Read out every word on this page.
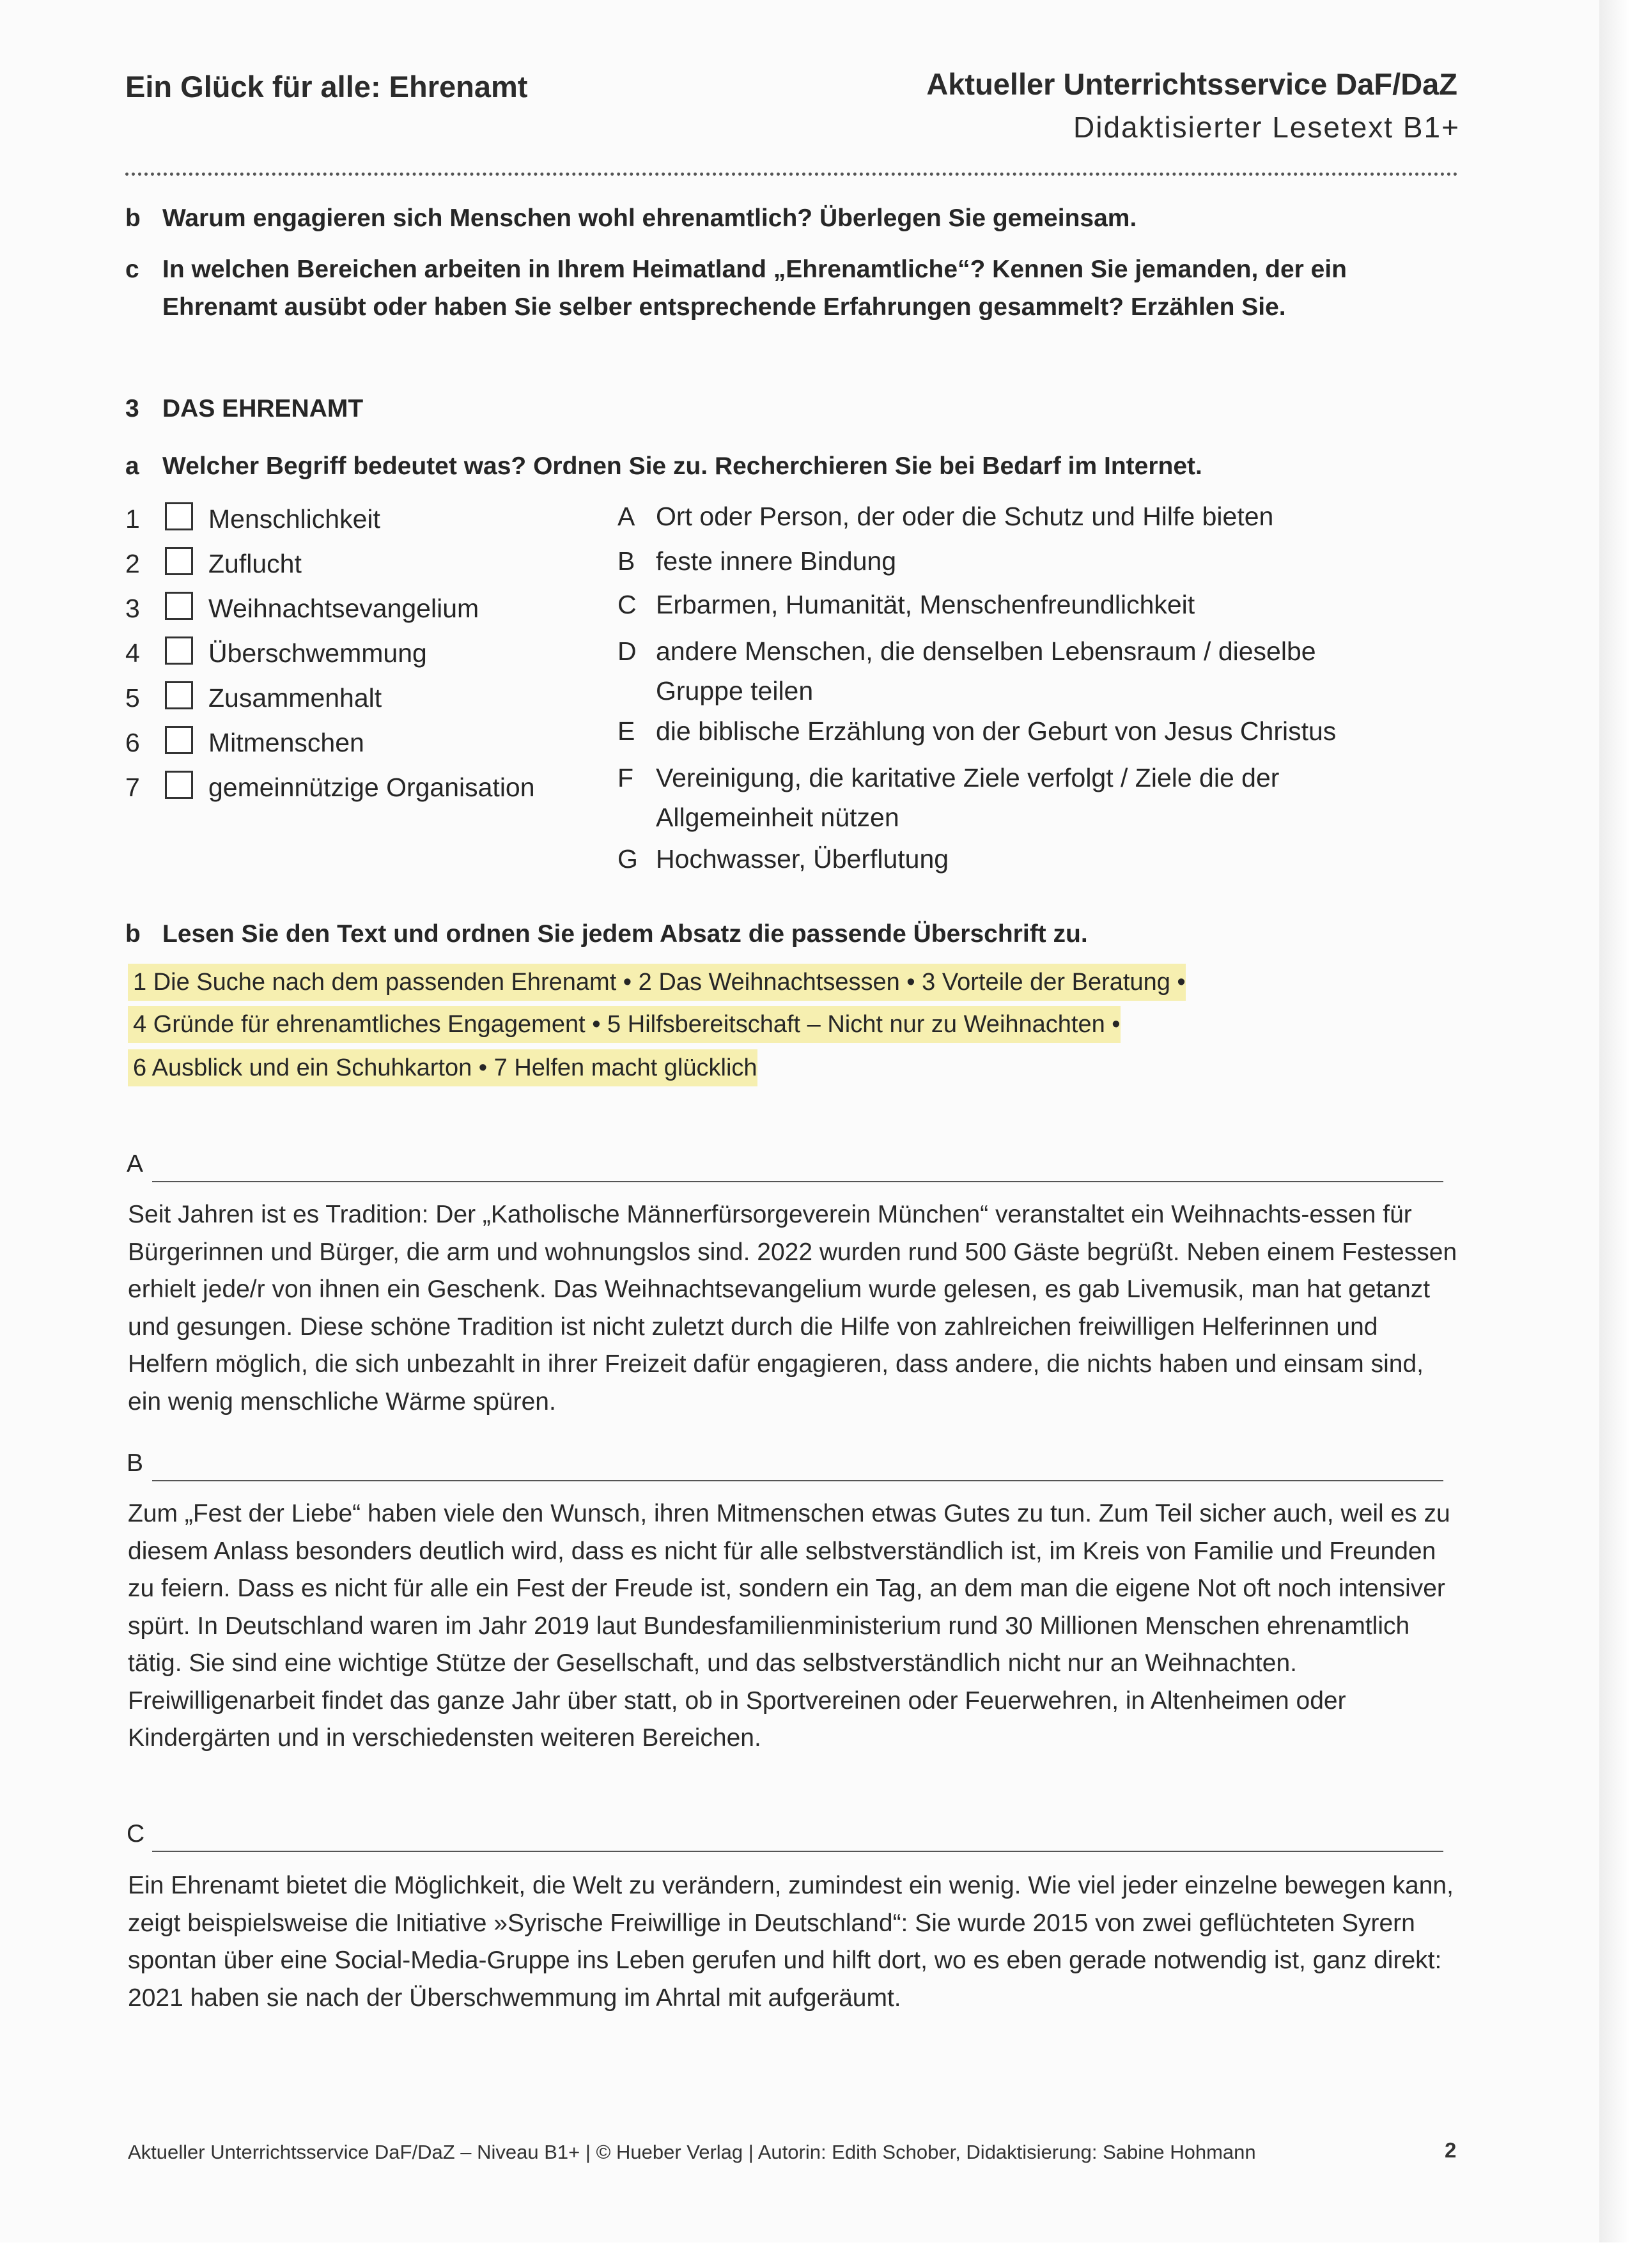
Ein Glück für alle: Ehrenamt	Aktueller Unterrichtsservice DaF/DaZ
Didaktisierter Lesetext B1+
b Warum engagieren sich Menschen wohl ehrenamtlich? Überlegen Sie gemeinsam.
c In welchen Bereichen arbeiten in Ihrem Heimatland „Ehrenamtliche“? Kennen Sie jemanden, der ein Ehrenamt ausübt oder haben Sie selber entsprechende Erfahrungen gesammelt? Erzählen Sie.
3 DAS EHRENAMT
a Welcher Begriff bedeutet was? Ordnen Sie zu. Recherchieren Sie bei Bedarf im Internet.
1	Menschlichkeit
2	Zuflucht
3	Weihnachtsevangelium
4	Überschwemmung
5	Zusammenhalt
6	Mitmenschen
7	gemeinnützige Organisation
A Ort oder Person, der oder die Schutz und Hilfe bieten
B feste innere Bindung
C Erbarmen, Humanität, Menschenfreundlichkeit
D andere Menschen, die denselben Lebensraum / dieselbe Gruppe teilen
E die biblische Erzählung von der Geburt von Jesus Christus
F Vereinigung, die karitative Ziele verfolgt / Ziele die der Allgemeinheit nützen
G Hochwasser, Überflutung
b Lesen Sie den Text und ordnen Sie jedem Absatz die passende Überschrift zu.
1 Die Suche nach dem passenden Ehrenamt • 2 Das Weihnachtsessen • 3 Vorteile der Beratung •
4 Gründe für ehrenamtliches Engagement • 5 Hilfsbereitschaft – Nicht nur zu Weihnachten •
6 Ausblick und ein Schuhkarton • 7 Helfen macht glücklich
A
Seit Jahren ist es Tradition: Der „Katholische Männerfürsorgeverein München“ veranstaltet ein Weihnachts-essen für Bürgerinnen und Bürger, die arm und wohnungslos sind. 2022 wurden rund 500 Gäste begrüßt. Neben einem Festessen erhielt jede/r von ihnen ein Geschenk. Das Weihnachtsevangelium wurde gelesen, es gab Livemusik, man hat getanzt und gesungen. Diese schöne Tradition ist nicht zuletzt durch die Hilfe von zahlreichen freiwilligen Helferinnen und Helfern möglich, die sich unbezahlt in ihrer Freizeit dafür engagieren, dass andere, die nichts haben und einsam sind, ein wenig menschliche Wärme spüren.
B
Zum „Fest der Liebe“ haben viele den Wunsch, ihren Mitmenschen etwas Gutes zu tun. Zum Teil sicher auch, weil es zu diesem Anlass besonders deutlich wird, dass es nicht für alle selbstverständlich ist, im Kreis von Familie und Freunden zu feiern. Dass es nicht für alle ein Fest der Freude ist, sondern ein Tag, an dem man die eigene Not oft noch intensiver spürt. In Deutschland waren im Jahr 2019 laut Bundesfamilienministerium rund 30 Millionen Menschen ehrenamtlich tätig. Sie sind eine wichtige Stütze der Gesellschaft, und das selbstverständlich nicht nur an Weihnachten. Freiwilligenarbeit findet das ganze Jahr über statt, ob in Sportvereinen oder Feuerwehren, in Altenheimen oder Kindergärten und in verschiedensten weiteren Bereichen.
C
Ein Ehrenamt bietet die Möglichkeit, die Welt zu verändern, zumindest ein wenig. Wie viel jeder einzelne bewegen kann, zeigt beispielsweise die Initiative »Syrische Freiwillige in Deutschland“: Sie wurde 2015 von zwei geflüchteten Syrern spontan über eine Social-Media-Gruppe ins Leben gerufen und hilft dort, wo es eben gerade notwendig ist, ganz direkt: 2021 haben sie nach der Überschwemmung im Ahrtal mit aufgeräumt.
Aktueller Unterrichtsservice DaF/DaZ – Niveau B1+ | © Hueber Verlag | Autorin: Edith Schober, Didaktisierung: Sabine Hohmann	2
